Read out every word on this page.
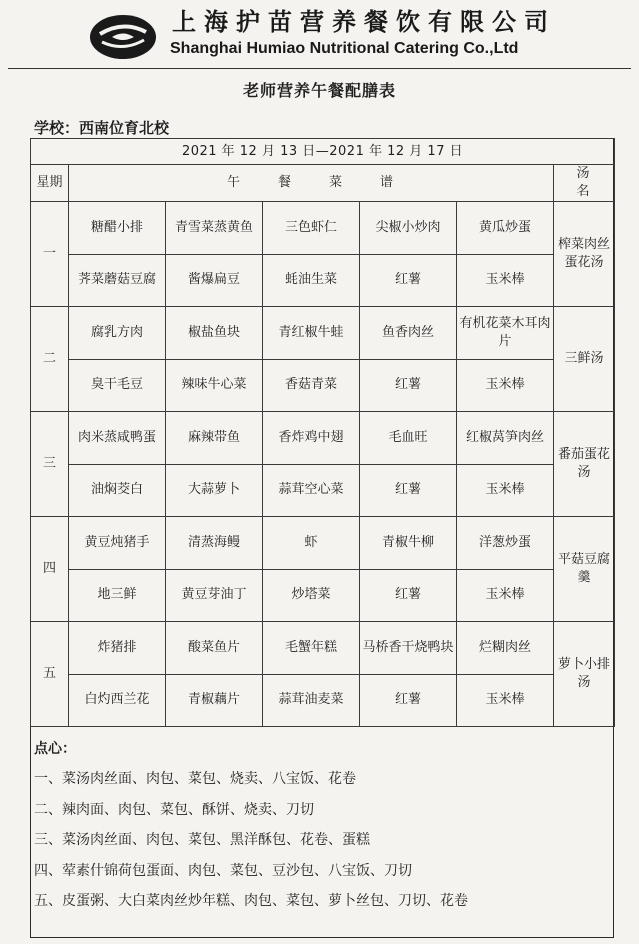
上海护苗营养餐饮有限公司
Shanghai Humiao Nutritional Catering Co.,Ltd
老师营养午餐配膳表
学校：西南位育北校
2021 年 12 月 13 日—2021 年 12 月 17 日						
星期	午餐菜谱					汤名
一	糖醋小排	青雪菜蒸黄鱼	三色虾仁	尖椒小炒肉	黄瓜炒蛋	榨菜肉丝蛋花汤
	荠菜蘑菇豆腐	酱爆扁豆	蚝油生菜	红薯	玉米棒	
二	腐乳方肉	椒盐鱼块	青红椒牛蛙	鱼香肉丝	有机花菜木耳肉片	三鲜汤
	臭干毛豆	辣味牛心菜	香菇青菜	红薯	玉米棒	
三	肉米蒸咸鸭蛋	麻辣带鱼	香炸鸡中翅	毛血旺	红椒莴笋肉丝	番茄蛋花汤
	油焖茭白	大蒜萝卜	蒜茸空心菜	红薯	玉米棒	
四	黄豆炖猪手	清蒸海鳗	虾	青椒牛柳	洋葱炒蛋	平菇豆腐羹
	地三鲜	黄豆芽油丁	炒塔菜	红薯	玉米棒	
五	炸猪排	酸菜鱼片	毛蟹年糕	马桥香干烧鸭块	烂糊肉丝	萝卜小排汤
	白灼西兰花	青椒藕片	蒜茸油麦菜	红薯	玉米棒	
点心：
一、菜汤肉丝面、肉包、菜包、烧卖、八宝饭、花卷
二、辣肉面、肉包、菜包、酥饼、烧卖、刀切
三、菜汤肉丝面、肉包、菜包、黑洋酥包、花卷、蛋糕
四、荤素什锦荷包蛋面、肉包、菜包、豆沙包、八宝饭、刀切
五、皮蛋粥、大白菜肉丝炒年糕、肉包、菜包、萝卜丝包、刀切、花卷
